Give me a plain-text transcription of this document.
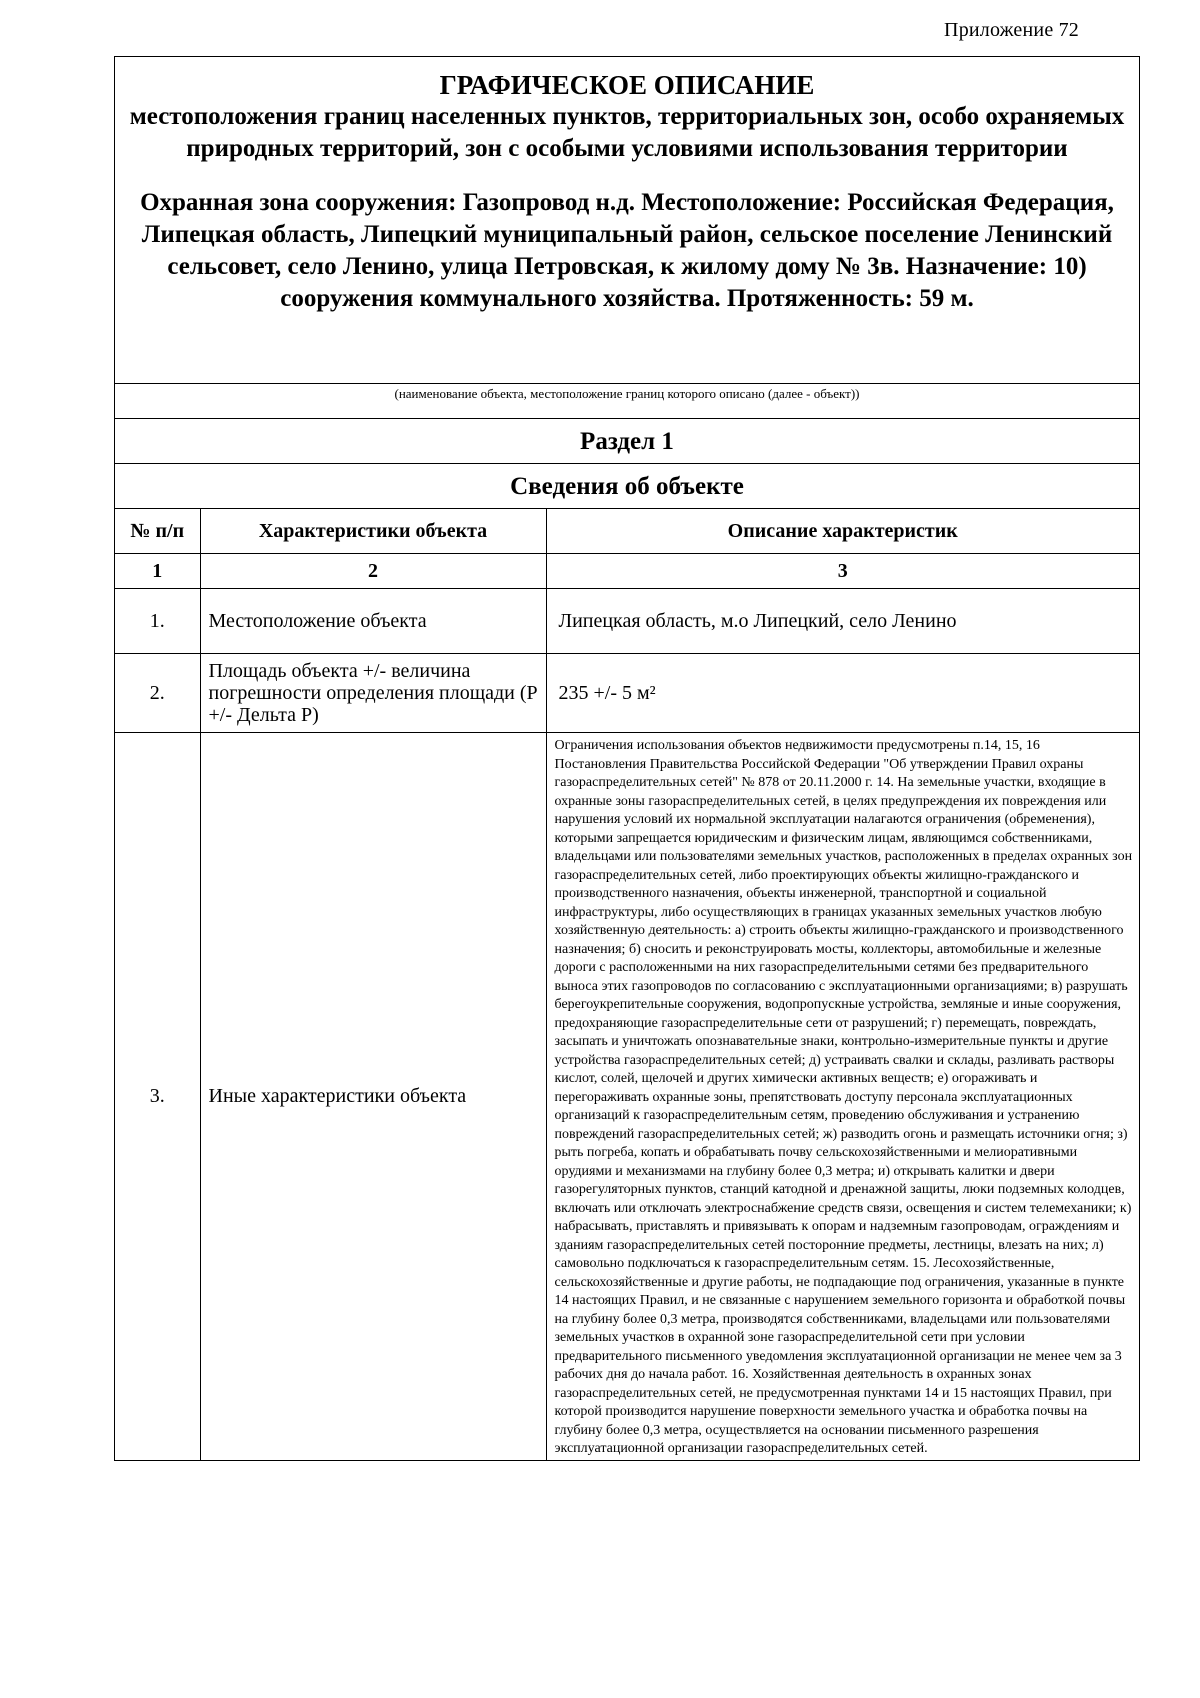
Приложение 72
ГРАФИЧЕСКОЕ ОПИСАНИЕ
местоположения границ населенных пунктов, территориальных зон, особо охраняемых природных территорий, зон с особыми условиями использования территории
Охранная зона сооружения: Газопровод н.д. Местоположение: Российская Федерация, Липецкая область, Липецкий муниципальный район, сельское поселение Ленинский сельсовет, село Ленино, улица Петровская, к жилому дому № 3в. Назначение: 10) сооружения коммунального хозяйства. Протяженность: 59 м.
(наименование объекта, местоположение границ которого описано (далее - объект))
Раздел 1
Сведения об объекте
№ п/п	Характеристики объекта	Описание характеристик
1	2	3
1.	Местоположение объекта	Липецкая область, м.о Липецкий, село Ленино
2.	Площадь объекта +/- величина погрешности определения площади (Р +/- Дельта Р)	235 +/- 5 м²
3.	Иные характеристики объекта	Ограничения использования объектов недвижимости предусмотрены п.14, 15, 16 Постановления Правительства Российской Федерации "Об утверждении Правил охраны газораспределительных сетей" № 878 от 20.11.2000 г. 14. На земельные участки, входящие в охранные зоны газораспределительных сетей, в целях предупреждения их повреждения или нарушения условий их нормальной эксплуатации налагаются ограничения (обременения), которыми запрещается юридическим и физическим лицам, являющимся собственниками, владельцами или пользователями земельных участков, расположенных в пределах охранных зон газораспределительных сетей, либо проектирующих объекты жилищно-гражданского и производственного назначения, объекты инженерной, транспортной и социальной инфраструктуры, либо осуществляющих в границах указанных земельных участков любую хозяйственную деятельность: а) строить объекты жилищно-гражданского и производственного назначения; б) сносить и реконструировать мосты, коллекторы, автомобильные и железные дороги с расположенными на них газораспределительными сетями без предварительного выноса этих газопроводов по согласованию с эксплуатационными организациями; в) разрушать берегоукрепительные сооружения, водопропускные устройства, земляные и иные сооружения, предохраняющие газораспределительные сети от разрушений; г) перемещать, повреждать, засыпать и уничтожать опознавательные знаки, контрольно-измерительные пункты и другие устройства газораспределительных сетей; д) устраивать свалки и склады, разливать растворы кислот, солей, щелочей и других химически активных веществ; е) огораживать и перегораживать охранные зоны, препятствовать доступу персонала эксплуатационных организаций к газораспределительным сетям, проведению обслуживания и устранению повреждений газораспределительных сетей; ж) разводить огонь и размещать источники огня; з) рыть погреба, копать и обрабатывать почву сельскохозяйственными и мелиоративными орудиями и механизмами на глубину более 0,3 метра; и) открывать калитки и двери газорегуляторных пунктов, станций катодной и дренажной защиты, люки подземных колодцев, включать или отключать электроснабжение средств связи, освещения и систем телемеханики; к) набрасывать, приставлять и привязывать к опорам и надземным газопроводам, ограждениям и зданиям газораспределительных сетей посторонние предметы, лестницы, влезать на них; л) самовольно подключаться к газораспределительным сетям. 15. Лесохозяйственные, сельскохозяйственные и другие работы, не подпадающие под ограничения, указанные в пункте 14 настоящих Правил, и не связанные с нарушением земельного горизонта и обработкой почвы на глубину более 0,3 метра, производятся собственниками, владельцами или пользователями земельных участков в охранной зоне газораспределительной сети при условии предварительного письменного уведомления эксплуатационной организации не менее чем за 3 рабочих дня до начала работ. 16. Хозяйственная деятельность в охранных зонах газораспределительных сетей, не предусмотренная пунктами 14 и 15 настоящих Правил, при которой производится нарушение поверхности земельного участка и обработка почвы на глубину более 0,3 метра, осуществляется на основании письменного разрешения эксплуатационной организации газораспределительных сетей.
